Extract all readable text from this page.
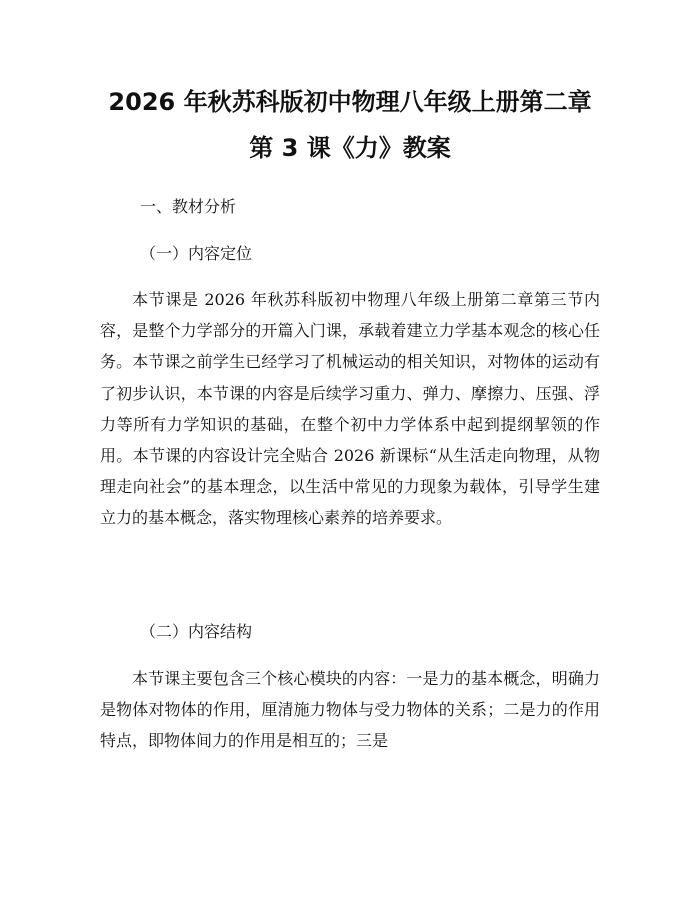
2026 年秋苏科版初中物理八年级上册第二章
第 3 课《力》教案
一、教材分析
（一）内容定位
本节课是 2026 年秋苏科版初中物理八年级上册第二章第三节内容，是整个力学部分的开篇入门课，承载着建立力学基本观念的核心任务。本节课之前学生已经学习了机械运动的相关知识，对物体的运动有了初步认识，本节课的内容是后续学习重力、弹力、摩擦力、压强、浮力等所有力学知识的基础，在整个初中力学体系中起到提纲挈领的作用。本节课的内容设计完全贴合 2026 新课标“从生活走向物理，从物理走向社会”的基本理念，以生活中常见的力现象为载体，引导学生建立力的基本概念，落实物理核心素养的培养要求。
（二）内容结构
本节课主要包含三个核心模块的内容：一是力的基本概念，明确力是物体对物体的作用，厘清施力物体与受力物体的关系；二是力的作用特点，即物体间力的作用是相互的；三是
